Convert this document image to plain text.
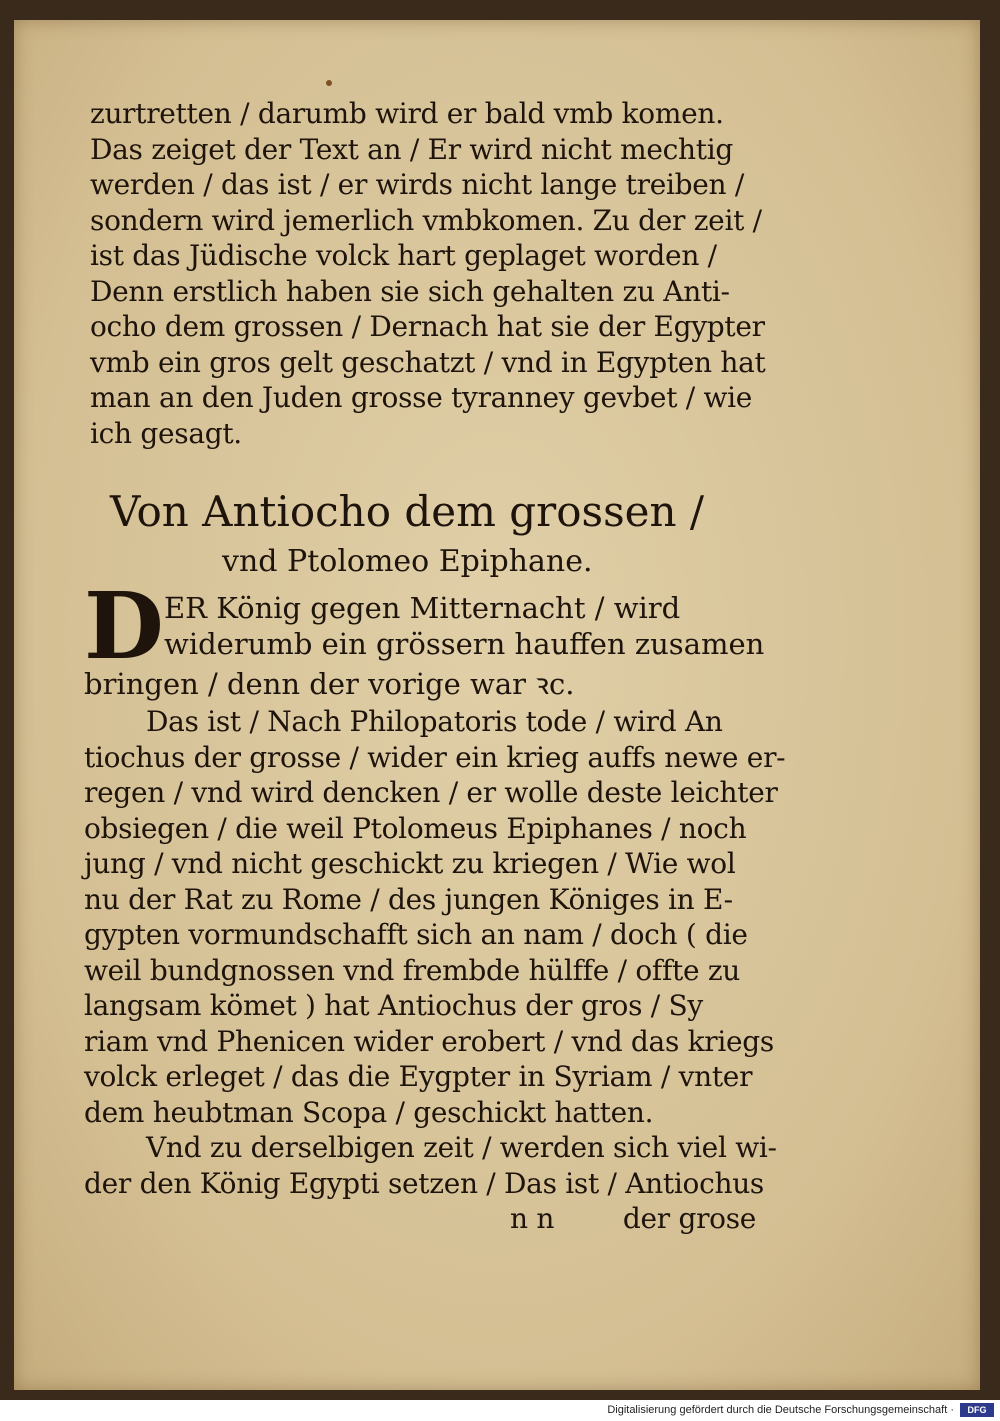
zurtretten / darumb wird er bald vmb komen.
Das zeiget der Text an / Er wird nicht mechtig
werden / das ist / er wirds nicht lange treiben /
sondern wird jemerlich vmbkomen. Zu der zeit /
ist das Jüdische volck hart geplaget worden /
Denn erstlich haben sie sich gehalten zu Anti-
ocho dem grossen / Dernach hat sie der Egypter
vmb ein gros gelt geschatzt / vnd in Egypten hat
man an den Juden grosse tyranney gevbet / wie
ich gesagt.
Von Antiocho dem grossen /
vnd Ptolomeo Epiphane.
D ER König gegen Mitternacht / wird
widerumb ein grössern hauffen zusamen
bringen / denn der vorige war ꝛc.
Das ist / Nach Philopatoris tode / wird An
tiochus der grosse / wider ein krieg auffs newe er-
regen / vnd wird dencken / er wolle deste leichter
obsiegen / die weil Ptolomeus Epiphanes / noch
jung / vnd nicht geschickt zu kriegen / Wie wol
nu der Rat zu Rome / des jungen Königes in E-
gypten vormundschafft sich an nam / doch ( die
weil bundgnossen vnd frembde hülffe / offte zu
langsam kömet ) hat Antiochus der gros / Sy
riam vnd Phenicen wider erobert / vnd das kriegs
volck erleget / das die Eygpter in Syriam / vnter
dem heubtman Scopa / geschickt hatten.
Vnd zu derselbigen zeit / werden sich viel wi-
der den König Egypti setzen / Das ist / Antiochus
n n        der grose
Digitalisierung gefördert durch die Deutsche Forschungsgemeinschaft ·	DFG
